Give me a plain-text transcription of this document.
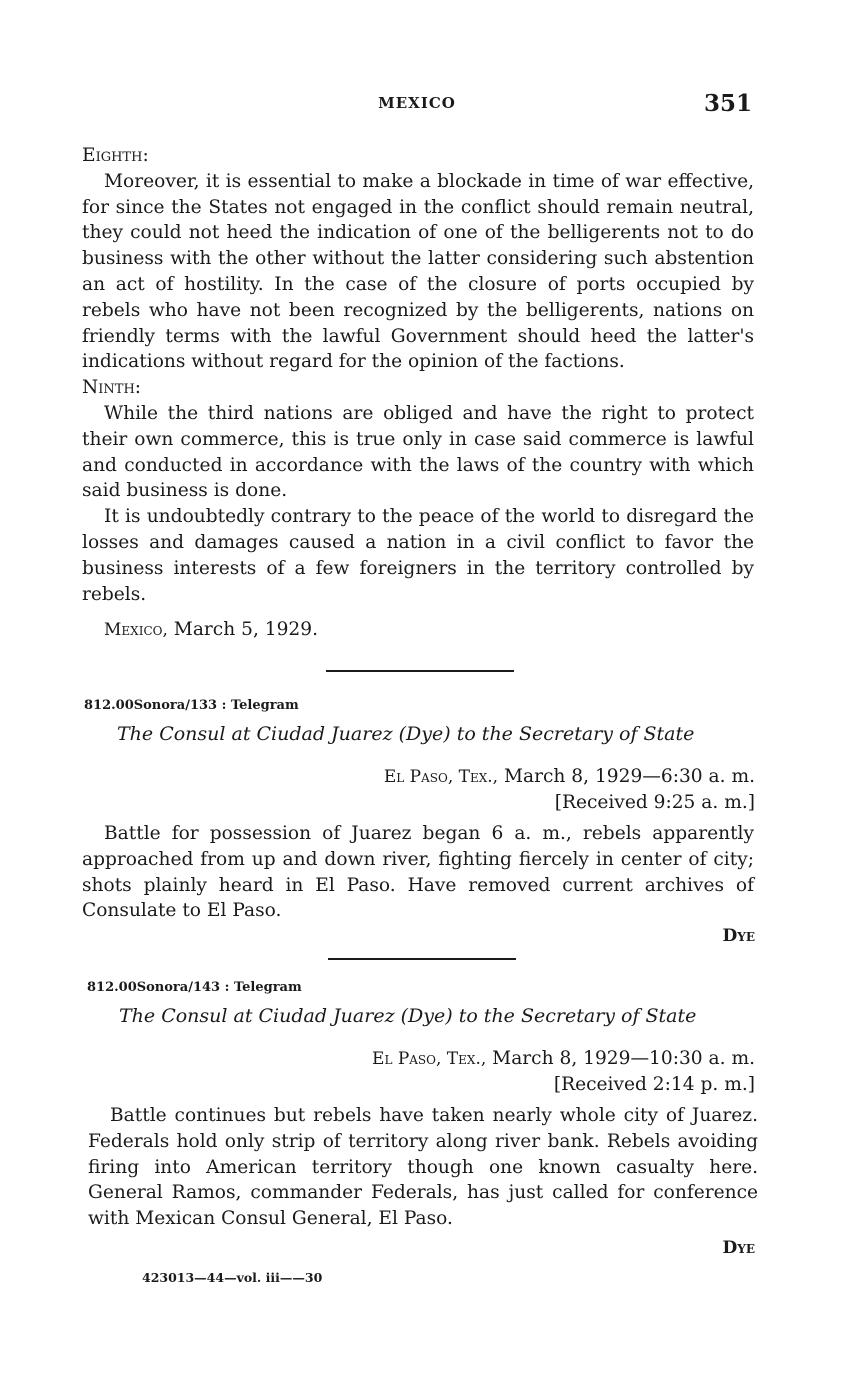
MEXICO	351

Eighth:

Moreover, it is essential to make a blockade in time of war effective, for since the States not engaged in the conflict should remain neutral, they could not heed the indication of one of the belligerents not to do business with the other without the latter considering such abstention an act of hostility. In the case of the closure of ports occupied by rebels who have not been recognized by the belligerents, nations on friendly terms with the lawful Government should heed the latter's indications without regard for the opinion of the factions.

Ninth:

While the third nations are obliged and have the right to protect their own commerce, this is true only in case said commerce is lawful and conducted in accordance with the laws of the country with which said business is done.

It is undoubtedly contrary to the peace of the world to disregard the losses and damages caused a nation in a civil conflict to favor the business interests of a few foreigners in the territory controlled by rebels.

Mexico, March 5, 1929.

812.00Sonora/133 : Telegram
The Consul at Ciudad Juarez (Dye) to the Secretary of State
El Paso, Tex., March 8, 1929—6:30 a. m.
[Received 9:25 a. m.]

Battle for possession of Juarez began 6 a. m., rebels apparently approached from up and down river, fighting fiercely in center of city; shots plainly heard in El Paso. Have removed current archives of Consulate to El Paso.

Dye
812.00Sonora/143 : Telegram
The Consul at Ciudad Juarez (Dye) to the Secretary of State
El Paso, Tex., March 8, 1929—10:30 a. m.
[Received 2:14 p. m.]

Battle continues but rebels have taken nearly whole city of Juarez. Federals hold only strip of territory along river bank. Rebels avoiding firing into American territory though one known casualty here. General Ramos, commander Federals, has just called for conference with Mexican Consul General, El Paso.

Dye
423013—44—vol. iii——30
